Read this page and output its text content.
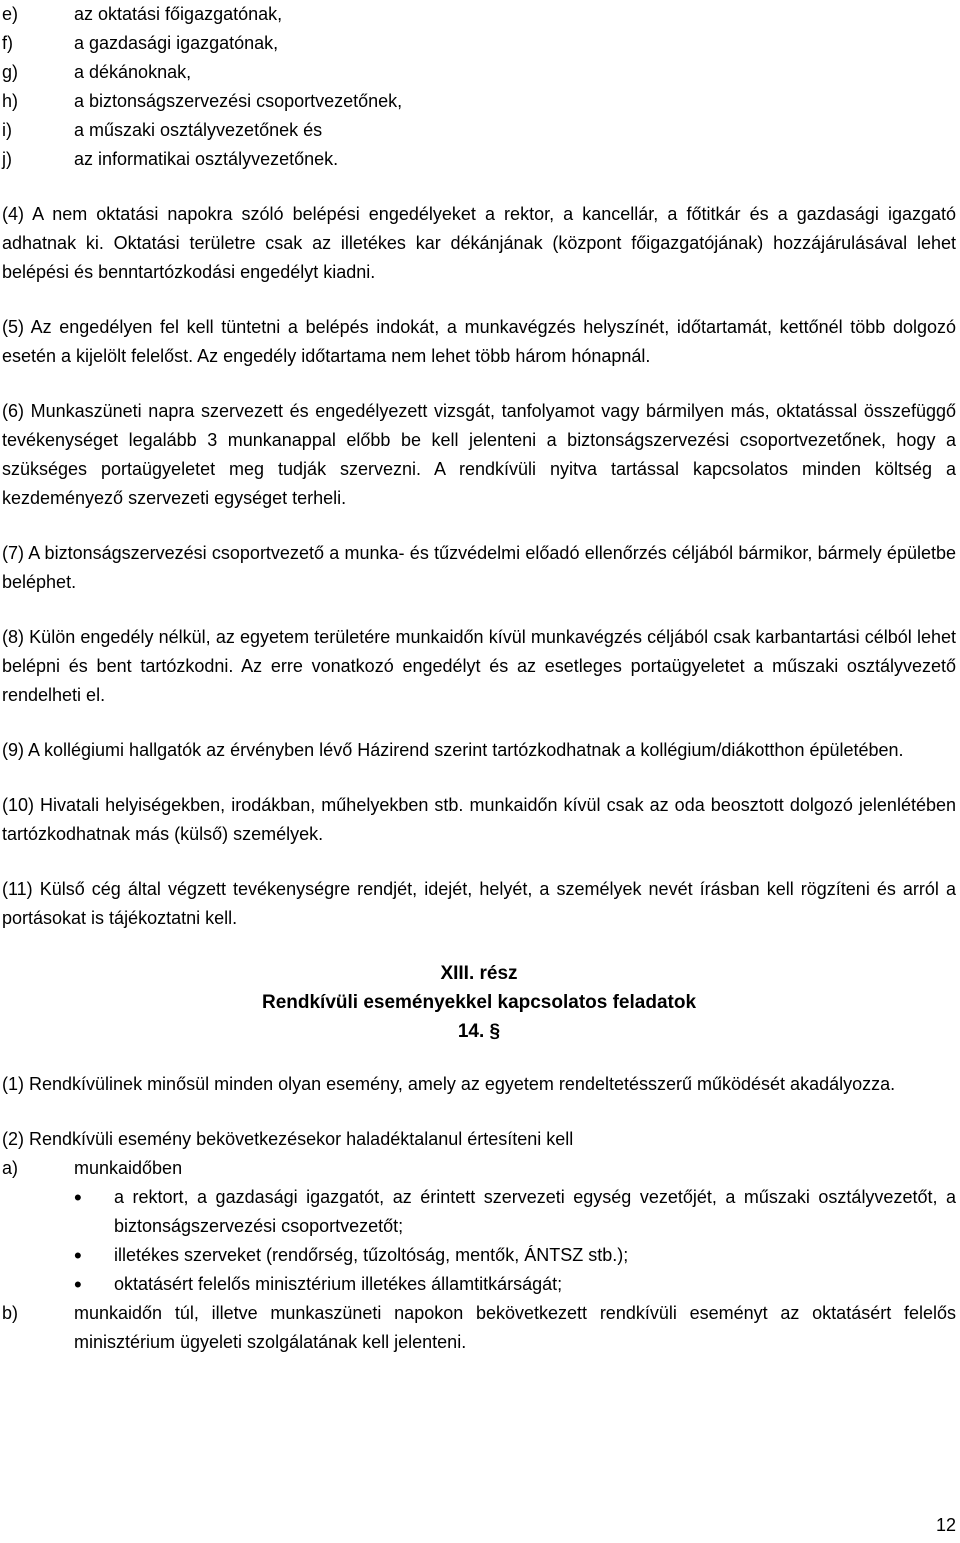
e)	az oktatási főigazgatónak,
f)	a gazdasági igazgatónak,
g)	a dékánoknak,
h)	a biztonságszervezési csoportvezetőnek,
i)	a műszaki osztályvezetőnek és
j)	az informatikai osztályvezetőnek.

(4) A nem oktatási napokra szóló belépési engedélyeket a rektor, a kancellár, a főtitkár és a gazdasági igazgató adhatnak ki. Oktatási területre csak az illetékes kar dékánjának (központ főigazgatójának) hozzájárulásával lehet belépési és benntartózkodási engedélyt kiadni.

(5) Az engedélyen fel kell tüntetni a belépés indokát, a munkavégzés helyszínét, időtartamát, kettőnél több dolgozó esetén a kijelölt felelőst. Az engedély időtartama nem lehet több három hónapnál.

(6) Munkaszüneti napra szervezett és engedélyezett vizsgát, tanfolyamot vagy bármilyen más, oktatással összefüggő tevékenységet legalább 3 munkanappal előbb be kell jelenteni a biztonságszervezési csoportvezetőnek, hogy a szükséges portaügyeletet meg tudják szervezni. A rendkívüli nyitva tartással kapcsolatos minden költség a kezdeményező szervezeti egységet terheli.

(7) A biztonságszervezési csoportvezető a munka- és tűzvédelmi előadó ellenőrzés céljából bármikor, bármely épületbe beléphet.

(8) Külön engedély nélkül, az egyetem területére munkaidőn kívül munkavégzés céljából csak karbantartási célból lehet belépni és bent tartózkodni. Az erre vonatkozó engedélyt és az esetleges portaügyeletet a műszaki osztályvezető rendelheti el.

(9) A kollégiumi hallgatók az érvényben lévő Házirend szerint tartózkodhatnak a kollégium/diákotthon épületében.

(10) Hivatali helyiségekben, irodákban, műhelyekben stb. munkaidőn kívül csak az oda beosztott dolgozó jelenlétében tartózkodhatnak más (külső) személyek.

(11) Külső cég által végzett tevékenységre rendjét, idejét, helyét, a személyek nevét írásban kell rögzíteni és arról a portásokat is tájékoztatni kell.

XIII. rész
Rendkívüli eseményekkel kapcsolatos feladatok
14. §

(1) Rendkívülinek minősül minden olyan esemény, amely az egyetem rendeltetésszerű működését akadályozza.

(2) Rendkívüli esemény bekövetkezésekor haladéktalanul értesíteni kell

a)	munkaidőben
•	a rektort, a gazdasági igazgatót, az érintett szervezeti egység vezetőjét, a műszaki osztályvezetőt, a biztonságszervezési csoportvezetőt;
•	illetékes szerveket (rendőrség, tűzoltóság, mentők, ÁNTSZ stb.);
•	oktatásért felelős minisztérium illetékes államtitkárságát;
b)	munkaidőn túl, illetve munkaszüneti napokon bekövetkezett rendkívüli eseményt az oktatásért felelős minisztérium ügyeleti szolgálatának kell jelenteni.
12
